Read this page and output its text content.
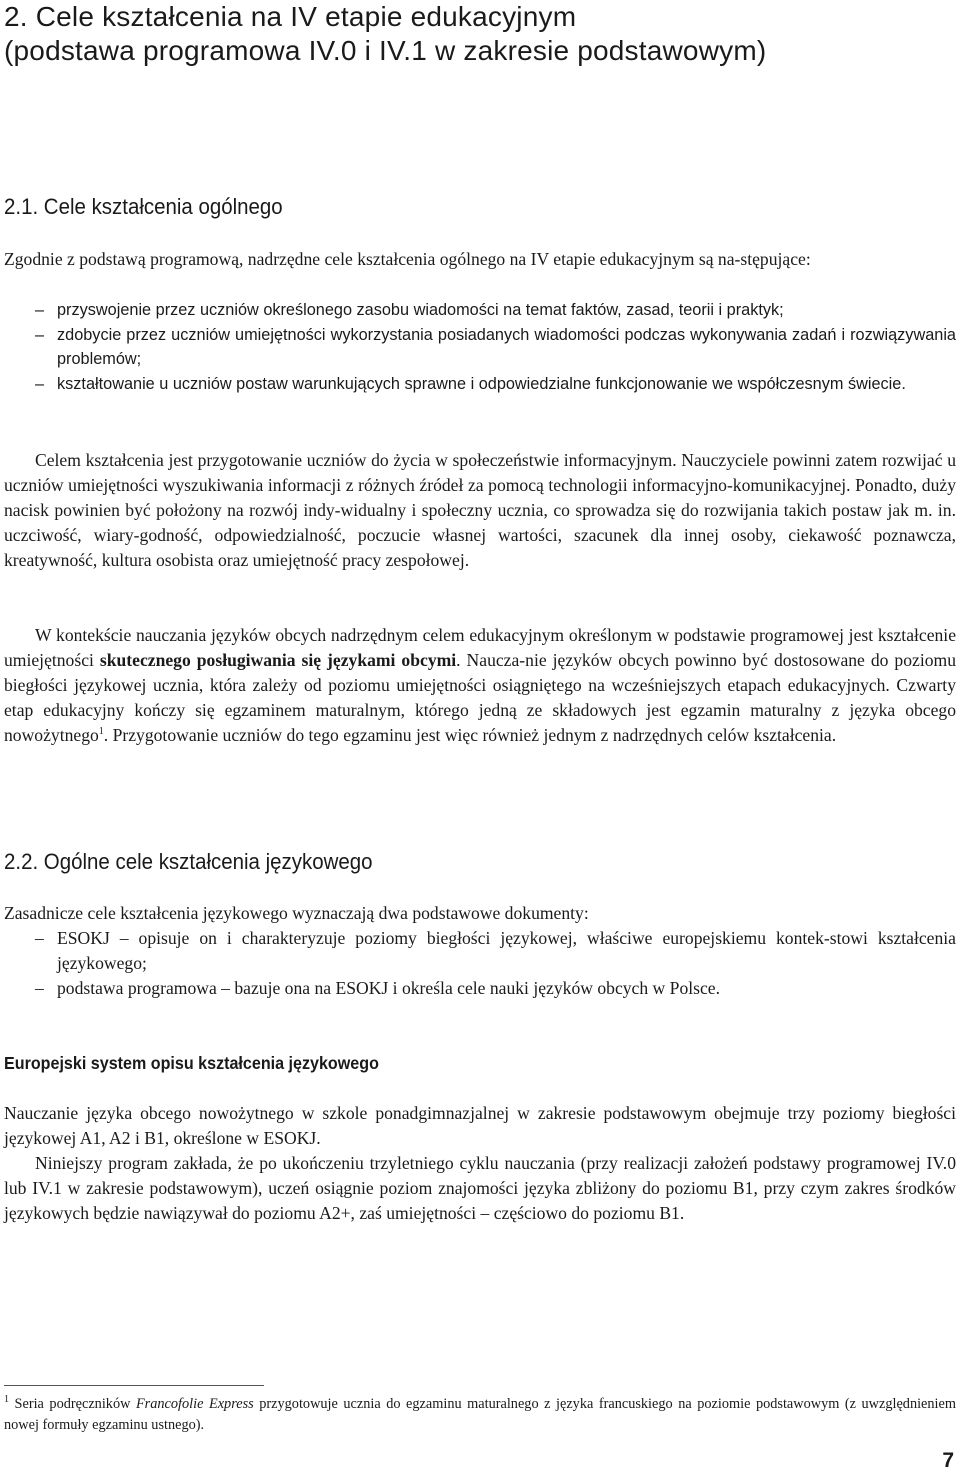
2. Cele kształcenia na IV etapie edukacyjnym
(podstawa programowa IV.0 i IV.1 w zakresie podstawowym)
2.1. Cele kształcenia ogólnego

Zgodnie z podstawą programową, nadrzędne cele kształcenia ogólnego na IV etapie edukacyjnym są na-stępujące:

– przyswojenie przez uczniów określonego zasobu wiadomości na temat faktów, zasad, teorii i praktyk;
– zdobycie przez uczniów umiejętności wykorzystania posiadanych wiadomości podczas wykonywania zadań i rozwiązywania problemów;
– kształtowanie u uczniów postaw warunkujących sprawne i odpowiedzialne funkcjonowanie we współczesnym świecie.

Celem kształcenia jest przygotowanie uczniów do życia w społeczeństwie informacyjnym. Nauczyciele powinni zatem rozwijać u uczniów umiejętności wyszukiwania informacji z różnych źródeł za pomocą technologii informacyjno-komunikacyjnej. Ponadto, duży nacisk powinien być położony na rozwój indy-widualny i społeczny ucznia, co sprowadza się do rozwijania takich postaw jak m. in. uczciwość, wiary-godność, odpowiedzialność, poczucie własnej wartości, szacunek dla innej osoby, ciekawość poznawcza, kreatywność, kultura osobista oraz umiejętność pracy zespołowej.

W kontekście nauczania języków obcych nadrzędnym celem edukacyjnym określonym w podstawie programowej jest kształcenie umiejętności skutecznego posługiwania się językami obcymi. Naucza-nie języków obcych powinno być dostosowane do poziomu biegłości językowej ucznia, która zależy od poziomu umiejętności osiągniętego na wcześniejszych etapach edukacyjnych. Czwarty etap edukacyjny kończy się egzaminem maturalnym, którego jedną ze składowych jest egzamin maturalny z języka obcego nowożytnego$^1$. Przygotowanie uczniów do tego egzaminu jest więc również jednym z nadrzędnych celów kształcenia.

2.2. Ogólne cele kształcenia językowego

Zasadnicze cele kształcenia językowego wyznaczają dwa podstawowe dokumenty:

– ESOKJ – opisuje on i charakteryzuje poziomy biegłości językowej, właściwe europejskiemu kontek-stowi kształcenia językowego;
– podstawa programowa – bazuje ona na ESOKJ i określa cele nauki języków obcych w Polsce.
Europejski system opisu kształcenia językowego

Nauczanie języka obcego nowożytnego w szkole ponadgimnazjalnej w zakresie podstawowym obejmuje trzy poziomy biegłości językowej A1, A2 i B1, określone w ESOKJ.

Niniejszy program zakłada, że po ukończeniu trzyletniego cyklu nauczania (przy realizacji założeń podstawy programowej IV.0 lub IV.1 w zakresie podstawowym), uczeń osiągnie poziom znajomości języka zbliżony do poziomu B1, przy czym zakres środków językowych będzie nawiązywał do poziomu A2+, zaś umiejętności – częściowo do poziomu B1.

$^1$ Seria podręczników Francofolie Express przygotowuje ucznia do egzaminu maturalnego z języka francuskiego na poziomie podstawowym (z uwzględnieniem nowej formuły egzaminu ustnego).

7
